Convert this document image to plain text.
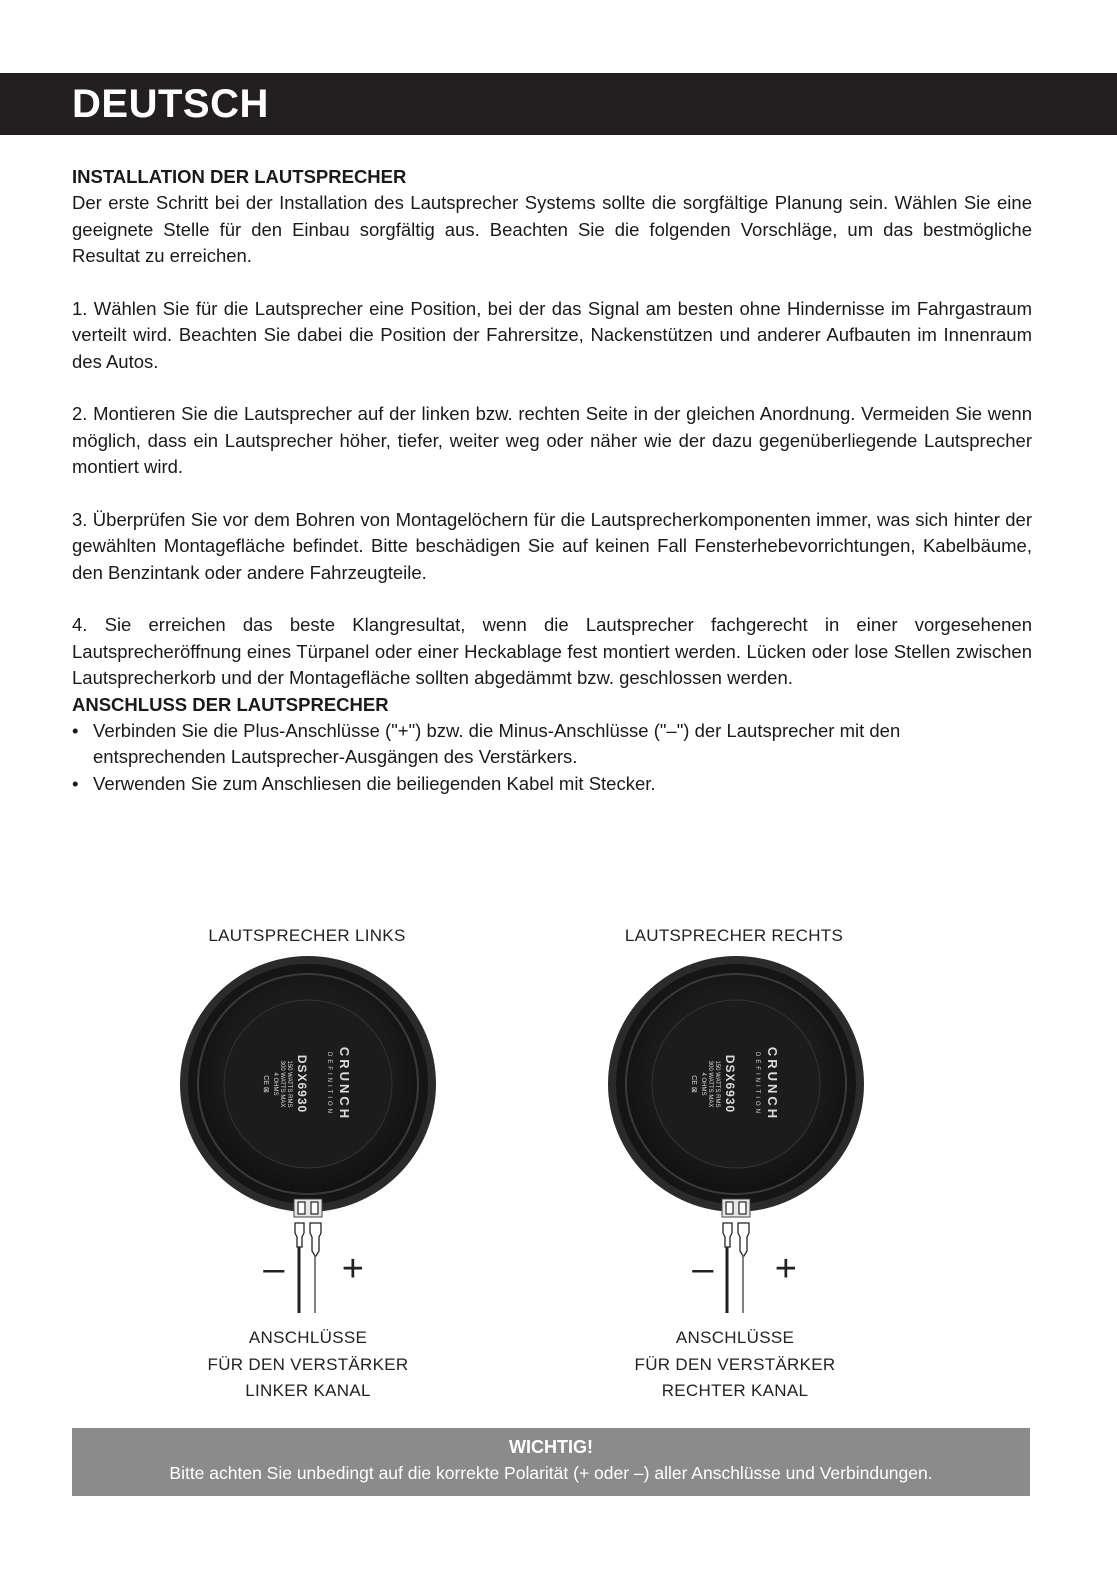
DEUTSCH
INSTALLATION DER LAUTSPRECHER

Der erste Schritt bei der Installation des Lautsprecher Systems sollte die sorgfältige Planung sein. Wählen Sie eine geeignete Stelle für den Einbau sorgfältig aus. Beachten Sie die folgenden Vorschläge, um das bestmögliche Resultat zu erreichen.

1. Wählen Sie für die Lautsprecher eine Position, bei der das Signal am besten ohne Hindernisse im Fahrgastraum verteilt wird. Beachten Sie dabei die Position der Fahrersitze, Nackenstützen und anderer Aufbauten im Innenraum des Autos.

2. Montieren Sie die Lautsprecher auf der linken bzw. rechten Seite in der gleichen Anordnung. Vermeiden Sie wenn möglich, dass ein Lautsprecher höher, tiefer, weiter weg oder näher wie der dazu gegenüberliegende Lautsprecher montiert wird.

3. Überprüfen Sie vor dem Bohren von Montagelöchern für die Lautsprecherkomponenten immer, was sich hinter der gewählten Montagefläche befindet. Bitte beschädigen Sie auf keinen Fall Fensterhebevorrichtungen, Kabelbäume, den Benzintank oder andere Fahrzeugteile.

4. Sie erreichen das beste Klangresultat, wenn die Lautsprecher fachgerecht in einer vorgesehenen Lautsprecheröffnung eines Türpanel oder einer Heckablage fest montiert werden. Lücken oder lose Stellen zwischen Lautsprecherkorb und der Montagefläche sollten abgedämmt bzw. geschlossen werden.

ANSCHLUSS DER LAUTSPRECHER
• Verbinden Sie die Plus-Anschlüsse ("+") bzw. die Minus-Anschlüsse ("–") der Lautsprecher mit den entsprechenden Lautsprecher-Ausgängen des Verstärkers.
• Verwenden Sie zum Anschliesen die beiliegenden Kabel mit Stecker.
LAUTSPRECHER LINKS
CRUNCH
DEFINITION
DSX6930
150 WATTS RMS
300 WATTS MAX
4 OHMS
CE ⊠
– +
ANSCHLÜSSE
FÜR DEN VERSTÄRKER
LINKER KANAL
LAUTSPRECHER RECHTS
CRUNCH
DEFINITION
DSX6930
150 WATTS RMS
300 WATTS MAX
4 OHMS
CE ⊠
– +
ANSCHLÜSSE
FÜR DEN VERSTÄRKER
RECHTER KANAL
WICHTIG!
Bitte achten Sie unbedingt auf die korrekte Polarität (+ oder –) aller Anschlüsse und Verbindungen.
